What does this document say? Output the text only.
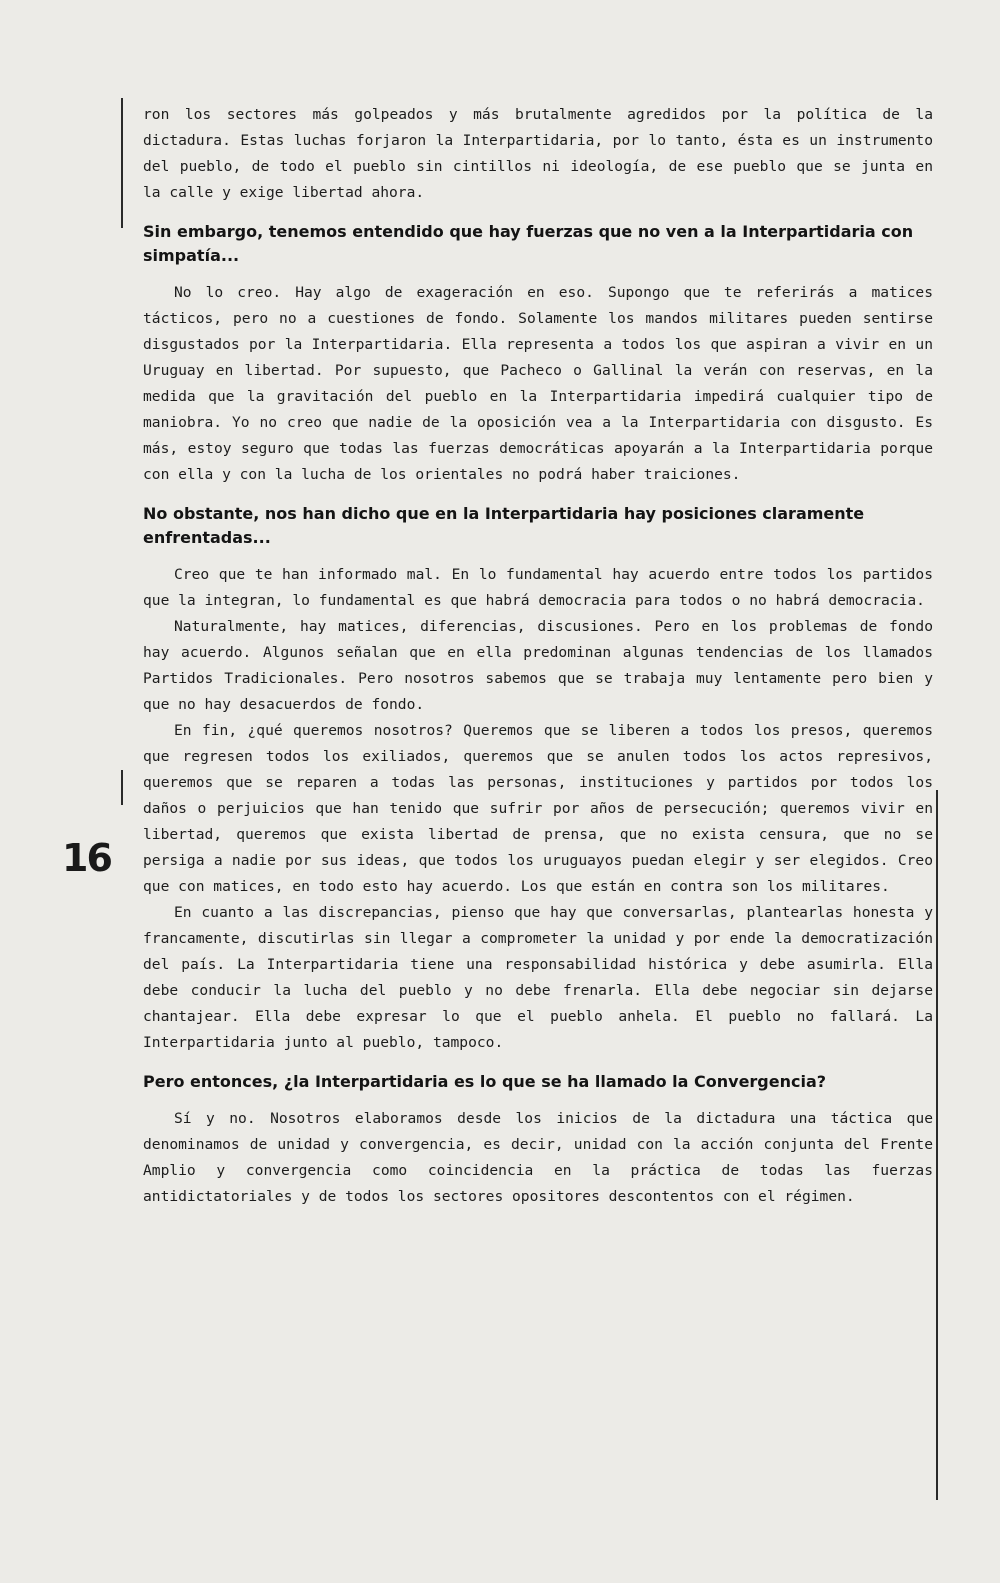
16

ron los sectores más golpeados y más brutalmente agredidos por la política de la dictadura. Estas luchas forjaron la Interpartidaria, por lo tanto, ésta es un instrumento del pueblo, de todo el pueblo sin cintillos ni ideología, de ese pueblo que se junta en la calle y exige libertad ahora.

Sin embargo, tenemos entendido que hay fuerzas que no ven a la Interpartidaria con simpatía...

No lo creo. Hay algo de exageración en eso. Supongo que te referirás a matices tácticos, pero no a cuestiones de fondo. Solamente los mandos militares pueden sentirse disgustados por la Interpartidaria. Ella representa a todos los que aspiran a vivir en un Uruguay en libertad. Por supuesto, que Pacheco o Gallinal la verán con reservas, en la medida que la gravitación del pueblo en la Interpartidaria impedirá cualquier tipo de maniobra. Yo no creo que nadie de la oposición vea a la Interpartidaria con disgusto. Es más, estoy seguro que todas las fuerzas democráticas apoyarán a la Interpartidaria porque con ella y con la lucha de los orientales no podrá haber traiciones.

No obstante, nos han dicho que en la Interpartidaria hay posiciones claramente enfrentadas...

Creo que te han informado mal. En lo fundamental hay acuerdo entre todos los partidos que la integran, lo fundamental es que habrá democracia para todos o no habrá democracia.

Naturalmente, hay matices, diferencias, discusiones. Pero en los problemas de fondo hay acuerdo. Algunos señalan que en ella predominan algunas tendencias de los llamados Partidos Tradicionales. Pero nosotros sabemos que se trabaja muy lentamente pero bien y que no hay desacuerdos de fondo.

En fin, ¿qué queremos nosotros? Queremos que se liberen a todos los presos, queremos que regresen todos los exiliados, queremos que se anulen todos los actos represivos, queremos que se reparen a todas las personas, instituciones y partidos por todos los daños o perjuicios que han tenido que sufrir por años de persecución; queremos vivir en libertad, queremos que exista libertad de prensa, que no exista censura, que no se persiga a nadie por sus ideas, que todos los uruguayos puedan elegir y ser elegidos. Creo que con matices, en todo esto hay acuerdo. Los que están en contra son los militares.

En cuanto a las discrepancias, pienso que hay que conversarlas, plantearlas honesta y francamente, discutirlas sin llegar a comprometer la unidad y por ende la democratización del país. La Interpartidaria tiene una responsabilidad histórica y debe asumirla. Ella debe conducir la lucha del pueblo y no debe frenarla. Ella debe negociar sin dejarse chantajear. Ella debe expresar lo que el pueblo anhela. El pueblo no fallará. La Interpartidaria junto al pueblo, tampoco.

Pero entonces, ¿la Interpartidaria es lo que se ha llamado la Convergencia?

Sí y no. Nosotros elaboramos desde los inicios de la dictadura una táctica que denominamos de unidad y convergencia, es decir, unidad con la acción conjunta del Frente Amplio y convergencia como coincidencia en la práctica de todas las fuerzas antidictatoriales y de todos los sectores opositores descontentos con el régimen.
